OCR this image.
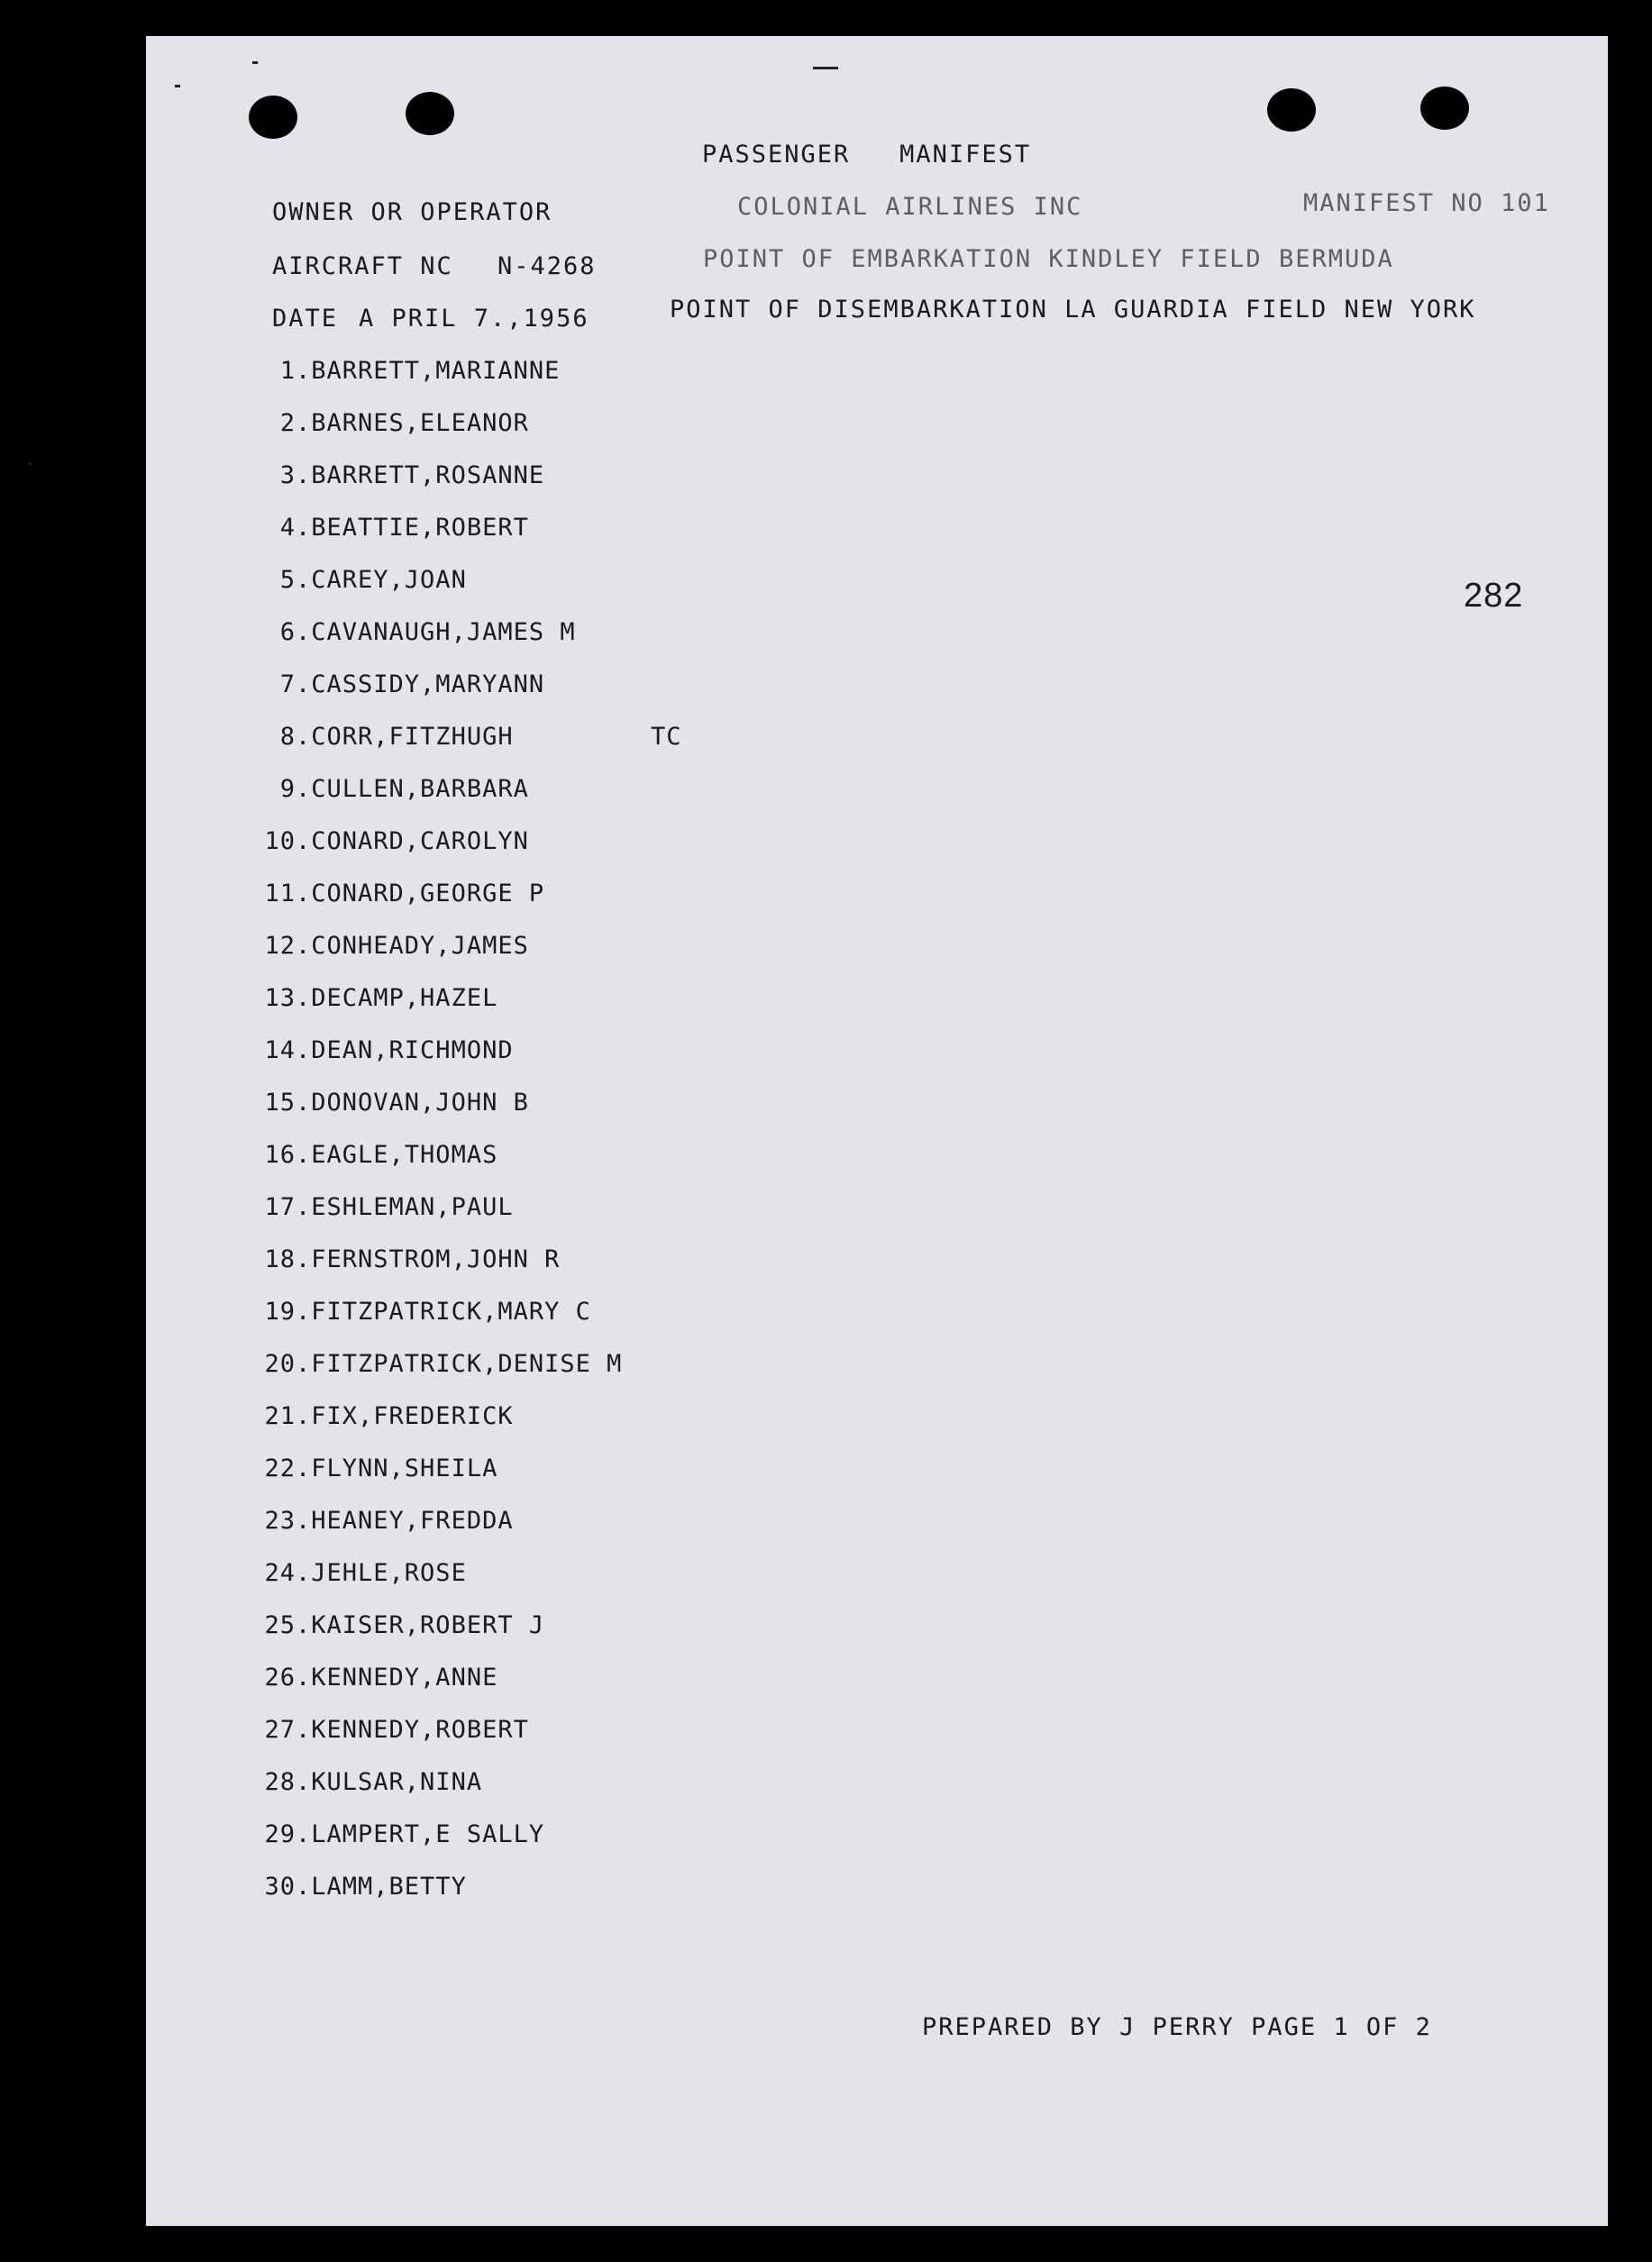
PASSENGER   MANIFEST
OWNER OR OPERATOR	COLONIAL AIRLINES INC	MANIFEST NO 101
AIRCRAFT NC N-4268	POINT OF EMBARKATION KINDLEY FIELD BERMUDA
DATE A PRIL 7.,1956	POINT OF DISEMBARKATION LA GUARDIA FIELD NEW YORK
282
1 . BARRETT,MARIANNE
2 . BARNES,ELEANOR
3 . BARRETT,ROSANNE
4 . BEATTIE,ROBERT
5 . CAREY,JOAN
6 . CAVANAUGH,JAMES M
7 . CASSIDY,MARYANN
8 . CORR,FITZHUGH	TC
9 . CULLEN,BARBARA
10 . CONARD,CAROLYN
11 . CONARD,GEORGE P
12 . CONHEADY,JAMES
13 . DECAMP,HAZEL
14 . DEAN,RICHMOND
15 . DONOVAN,JOHN B
16 . EAGLE,THOMAS
17 . ESHLEMAN,PAUL
18 . FERNSTROM,JOHN R
19 . FITZPATRICK,MARY C
20 . FITZPATRICK,DENISE M
21 . FIX,FREDERICK
22 . FLYNN,SHEILA
23 . HEANEY,FREDDA
24 . JEHLE,ROSE
25 . KAISER,ROBERT J
26 . KENNEDY,ANNE
27 . KENNEDY,ROBERT
28 . KULSAR,NINA
29 . LAMPERT,E SALLY
30 . LAMM,BETTY
PREPARED BY J PERRY PAGE 1 OF 2
